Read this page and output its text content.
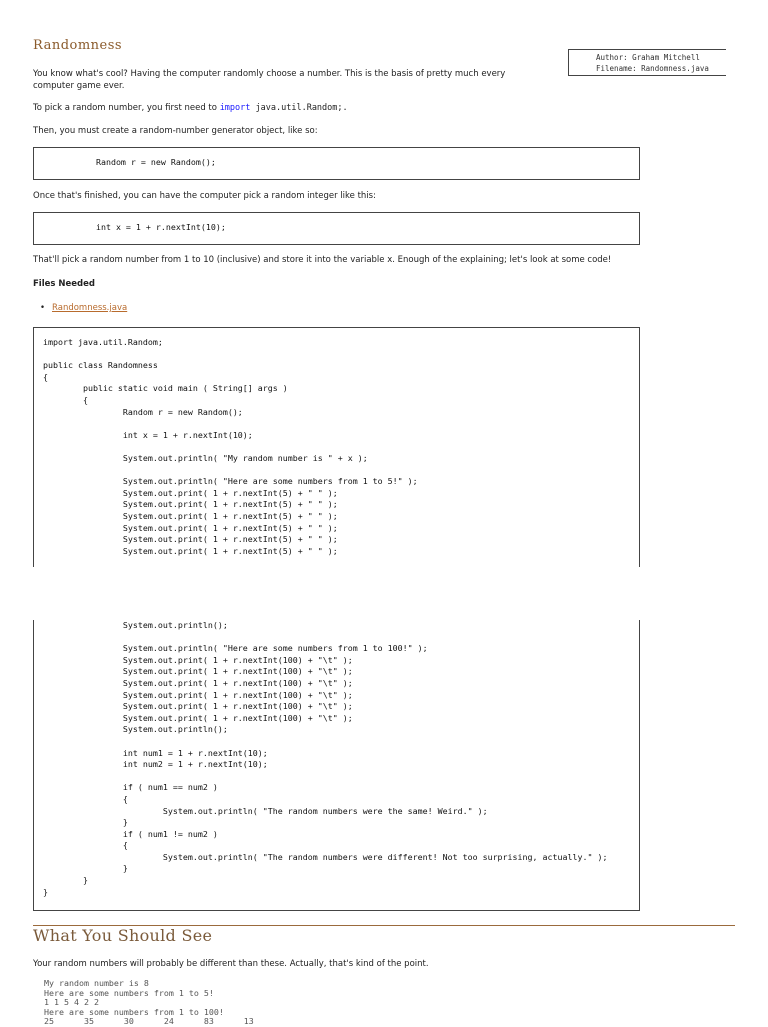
Randomness
Author: Graham Mitchell
Filename: Randomness.java

You know what's cool? Having the computer randomly choose a number. This is the basis of pretty much every
computer game ever.

To pick a random number, you first need to import java.util.Random;.

Then, you must create a random-number generator object, like so:

Random r = new Random();

Once that's finished, you can have the computer pick a random integer like this:

int x = 1 + r.nextInt(10);

That'll pick a random number from 1 to 10 (inclusive) and store it into the variable x. Enough of the explaining; let's look at some code!

Files Needed

• Randomness.java
import java.util.Random;

public class Randomness
{
public static void main ( String[] args )
{
Random r = new Random();

int x = 1 + r.nextInt(10);

System.out.println( "My random number is " + x );

System.out.println( "Here are some numbers from 1 to 5!" );
System.out.print( 1 + r.nextInt(5) + " " );
System.out.print( 1 + r.nextInt(5) + " " );
System.out.print( 1 + r.nextInt(5) + " " );
System.out.print( 1 + r.nextInt(5) + " " );
System.out.print( 1 + r.nextInt(5) + " " );
System.out.print( 1 + r.nextInt(5) + " " );
System.out.println();

System.out.println( "Here are some numbers from 1 to 100!" );
System.out.print( 1 + r.nextInt(100) + "\t" );
System.out.print( 1 + r.nextInt(100) + "\t" );
System.out.print( 1 + r.nextInt(100) + "\t" );
System.out.print( 1 + r.nextInt(100) + "\t" );
System.out.print( 1 + r.nextInt(100) + "\t" );
System.out.print( 1 + r.nextInt(100) + "\t" );
System.out.println();

int num1 = 1 + r.nextInt(10);
int num2 = 1 + r.nextInt(10);

if ( num1 == num2 )
{
System.out.println( "The random numbers were the same! Weird." );
}
if ( num1 != num2 )
{
System.out.println( "The random numbers were different! Not too surprising, actually." );
}
}
}
What You Should See

Your random numbers will probably be different than these. Actually, that's kind of the point.

My random number is 8
Here are some numbers from 1 to 5!
1 1 5 4 2 2
Here are some numbers from 1 to 100!
25      35      30      24      83      13
